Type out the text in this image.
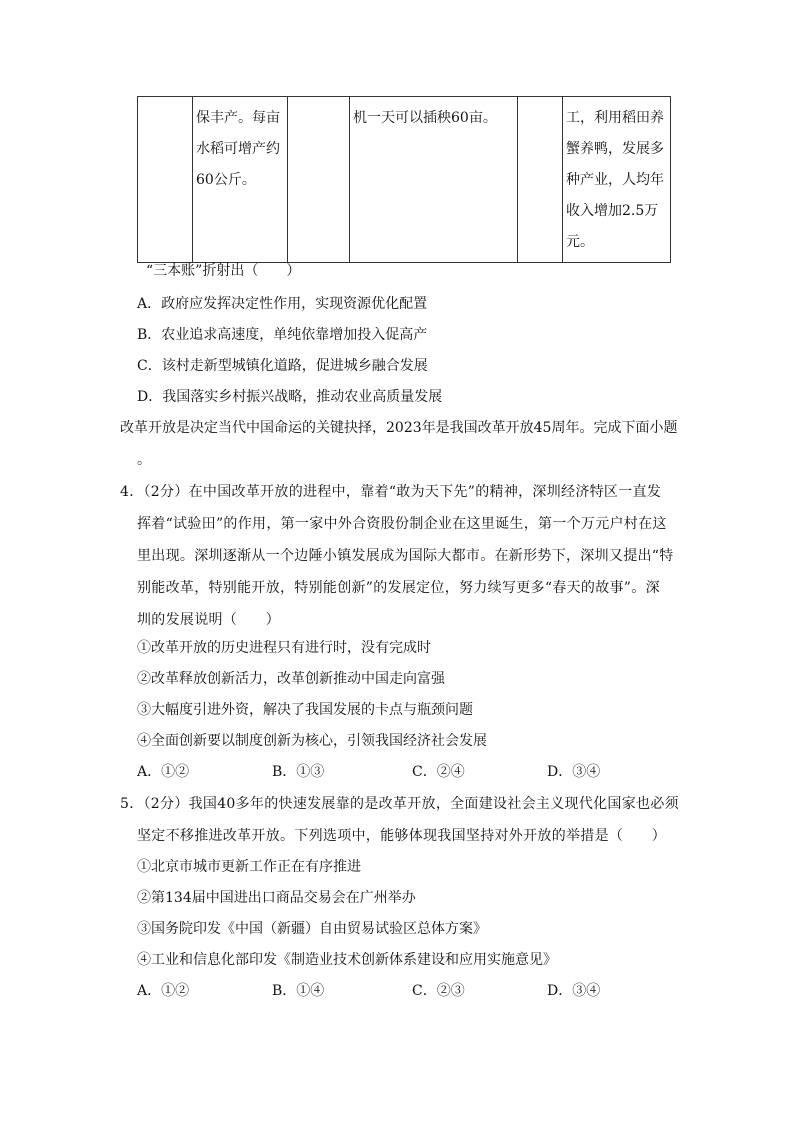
	保丰产。每亩水稻可增产约60公斤。		机一天可以插秧60亩。		工，利用稻田养蟹养鸭，发展多种产业，人均年收入增加2.5万元。
“三本账”折射出（　　）
A．政府应发挥决定性作用，实现资源优化配置
B．农业追求高速度，单纯依靠增加投入促高产
C．该村走新型城镇化道路，促进城乡融合发展
D．我国落实乡村振兴战略，推动农业高质量发展
改革开放是决定当代中国命运的关键抉择，2023年是我国改革开放45周年。完成下面小题
。
4．（2分）在中国改革开放的进程中，靠着“敢为天下先”的精神，深圳经济特区一直发
挥着“试验田”的作用，第一家中外合资股份制企业在这里诞生，第一个万元户村在这
里出现。深圳逐渐从一个边陲小镇发展成为国际大都市。在新形势下，深圳又提出“特
别能改革，特别能开放，特别能创新”的发展定位，努力续写更多“春天的故事”。深
圳的发展说明（　　）
①改革开放的历史进程只有进行时，没有完成时
②改革释放创新活力，改革创新推动中国走向富强
③大幅度引进外资，解决了我国发展的卡点与瓶颈问题
④全面创新要以制度创新为核心，引领我国经济社会发展
A．①②	B．①③	C．②④	D．③④
5．（2分）我国40多年的快速发展靠的是改革开放，全面建设社会主义现代化国家也必须
坚定不移推进改革开放。下列选项中，能够体现我国坚持对外开放的举措是（　　）
①北京市城市更新工作正在有序推进
②第134届中国进出口商品交易会在广州举办
③国务院印发《中国（新疆）自由贸易试验区总体方案》
④工业和信息化部印发《制造业技术创新体系建设和应用实施意见》
A．①②	B．①④	C．②③	D．③④
